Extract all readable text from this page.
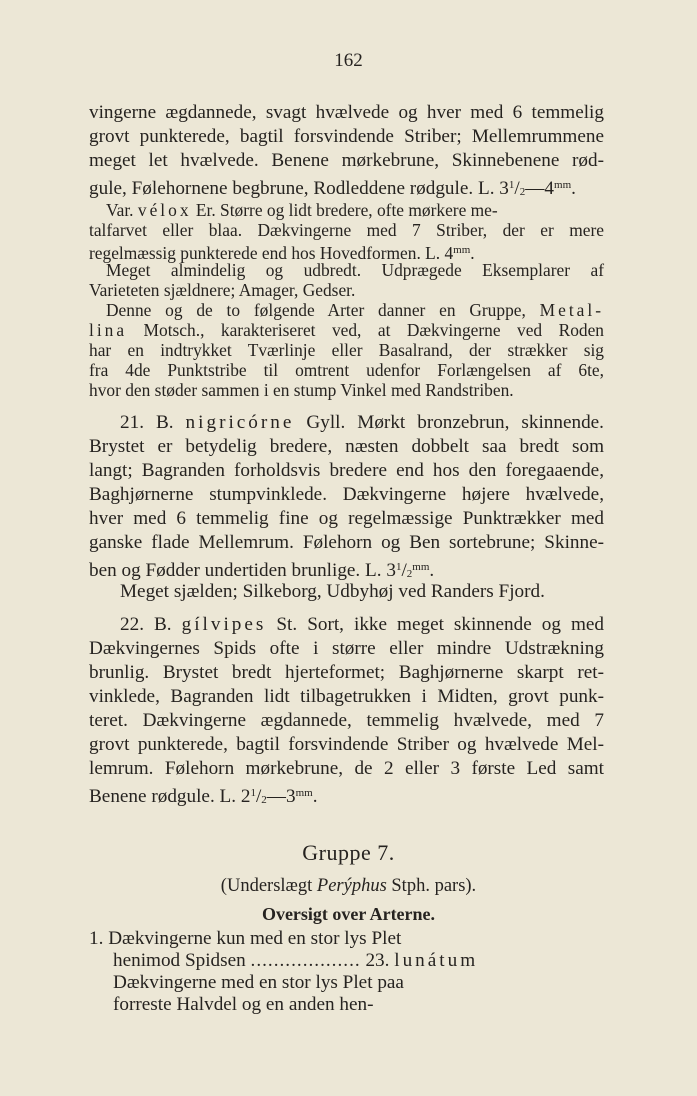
162
vingerne ægdannede, svagt hvælvede og hver med 6 temmelig
grovt punkterede, bagtil forsvindende Striber; Mellemrummene
meget let hvælvede. Benene mørkebrune, Skinnebenene rød-
gule, Følehornene begbrune, Rodleddene rødgule. L. $3^1/_2—4^{mm}$.
Var. vélox Er. Større og lidt bredere, ofte mørkere me-
talfarvet eller blaa. Dækvingerne med 7 Striber, der er mere
regelmæssig punkterede end hos Hovedformen. L. $4^{mm}$.
Meget almindelig og udbredt. Udprægede Eksemplarer af
Varieteten sjældnere; Amager, Gedser.
Denne og de to følgende Arter danner en Gruppe, Metal-
lina Motsch., karakteriseret ved, at Dækvingerne ved Roden
har en indtrykket Tværlinje eller Basalrand, der strækker sig
fra 4de Punktstribe til omtrent udenfor Forlængelsen af 6te,
hvor den støder sammen i en stump Vinkel med Randstriben.
21. B. nigricórne Gyll. Mørkt bronzebrun, skinnende.
Brystet er betydelig bredere, næsten dobbelt saa bredt som
langt; Bagranden forholdsvis bredere end hos den foregaaende,
Baghjørnerne stumpvinklede. Dækvingerne højere hvælvede,
hver med 6 temmelig fine og regelmæssige Punktrækker med
ganske flade Mellemrum. Følehorn og Ben sortebrune; Skinne-
ben og Fødder undertiden brunlige. L. $3^1/_2^{mm}$.
Meget sjælden; Silkeborg, Udbyhøj ved Randers Fjord.
22. B. gílvipes St. Sort, ikke meget skinnende og med
Dækvingernes Spids ofte i større eller mindre Udstrækning
brunlig. Brystet bredt hjerteformet; Baghjørnerne skarpt ret-
vinklede, Bagranden lidt tilbagetrukken i Midten, grovt punk-
teret. Dækvingerne ægdannede, temmelig hvælvede, med 7
grovt punkterede, bagtil forsvindende Striber og hvælvede Mel-
lemrum. Følehorn mørkebrune, de 2 eller 3 første Led samt
Benene rødgule. L. $2^1/_2—3^{mm}$.
Gruppe 7.
(Underslægt Perýphus Stph. pars).
Oversigt over Arterne.
1. Dækvingerne kun med en stor lys Plet
henimod Spidsen ................... 23. lunátum
Dækvingerne med en stor lys Plet paa
forreste Halvdel og en anden hen-
